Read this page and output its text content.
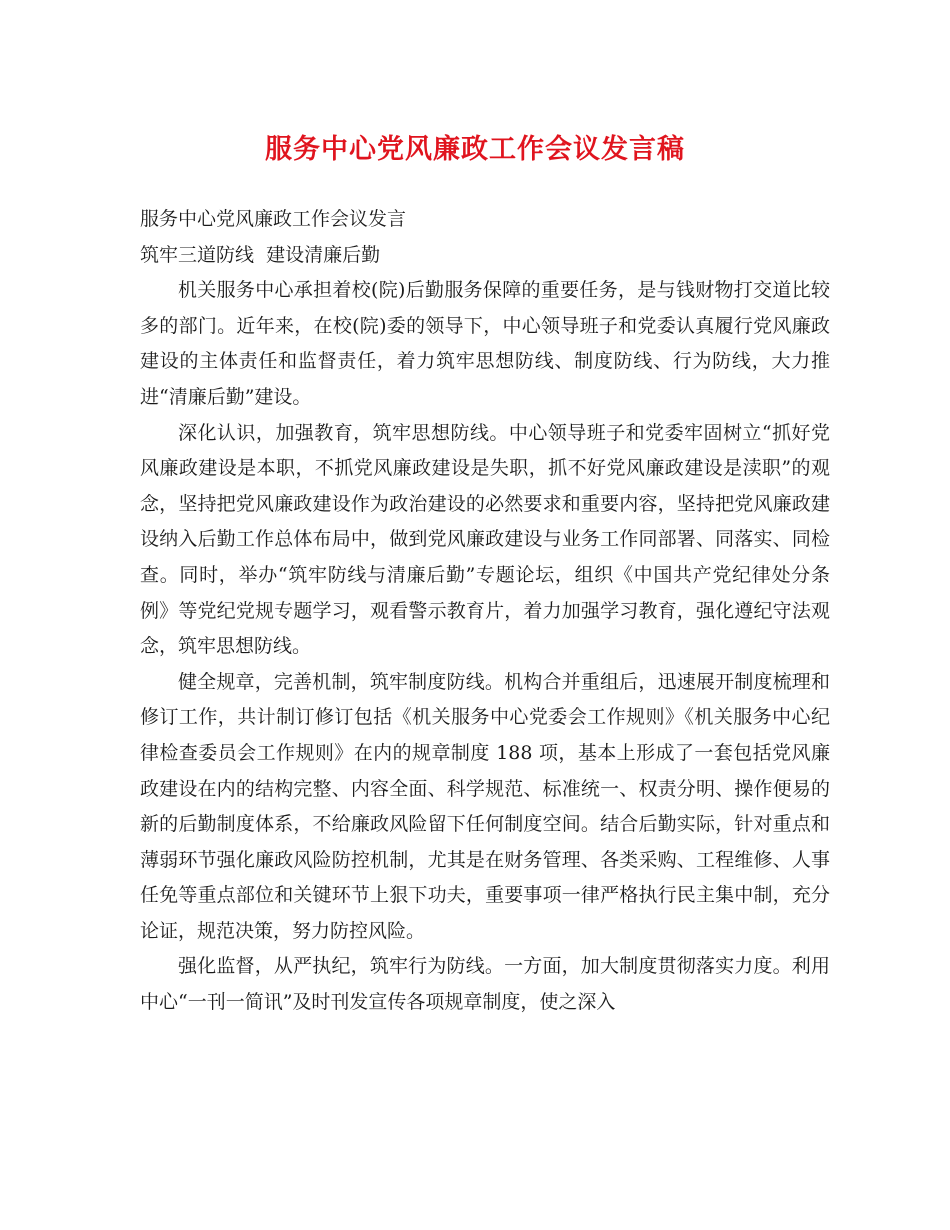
服务中心党风廉政工作会议发言稿

服务中心党风廉政工作会议发言

筑牢三道防线  建设清廉后勤

机关服务中心承担着校(院)后勤服务保障的重要任务，是与钱财物打交道比较多的部门。近年来，在校(院)委的领导下，中心领导班子和党委认真履行党风廉政建设的主体责任和监督责任，着力筑牢思想防线、制度防线、行为防线，大力推进“清廉后勤”建设。

深化认识，加强教育，筑牢思想防线。中心领导班子和党委牢固树立“抓好党风廉政建设是本职，不抓党风廉政建设是失职，抓不好党风廉政建设是渎职”的观念，坚持把党风廉政建设作为政治建设的必然要求和重要内容，坚持把党风廉政建设纳入后勤工作总体布局中，做到党风廉政建设与业务工作同部署、同落实、同检查。同时，举办“筑牢防线与清廉后勤”专题论坛，组织《中国共产党纪律处分条例》等党纪党规专题学习，观看警示教育片，着力加强学习教育，强化遵纪守法观念，筑牢思想防线。

健全规章，完善机制，筑牢制度防线。机构合并重组后，迅速展开制度梳理和修订工作，共计制订修订包括《机关服务中心党委会工作规则》《机关服务中心纪律检查委员会工作规则》在内的规章制度 188 项，基本上形成了一套包括党风廉政建设在内的结构完整、内容全面、科学规范、标准统一、权责分明、操作便易的新的后勤制度体系，不给廉政风险留下任何制度空间。结合后勤实际，针对重点和薄弱环节强化廉政风险防控机制，尤其是在财务管理、各类采购、工程维修、人事任免等重点部位和关键环节上狠下功夫，重要事项一律严格执行民主集中制，充分论证，规范决策，努力防控风险。

强化监督，从严执纪，筑牢行为防线。一方面，加大制度贯彻落实力度。利用中心“一刊一简讯”及时刊发宣传各项规章制度，使之深入
